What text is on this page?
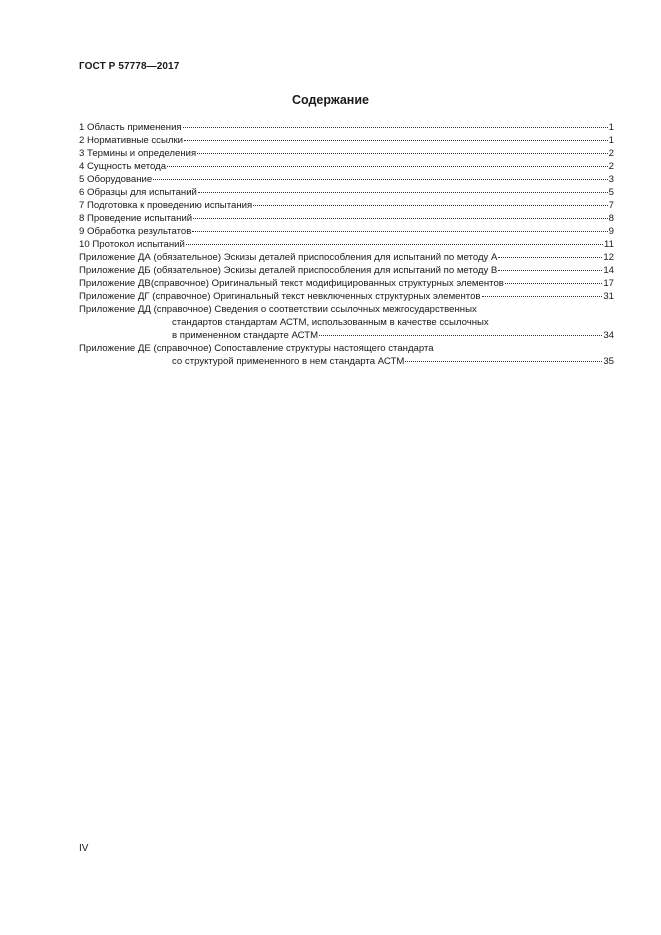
ГОСТ Р 57778—2017
Содержание
1 Область применения	1
2 Нормативные ссылки	1
3 Термины и определения	2
4 Сущность метода	2
5 Оборудование	3
6 Образцы для испытаний	5
7 Подготовка к проведению испытания	7
8 Проведение испытаний	8
9 Обработка результатов	9
10 Протокол испытаний	11
Приложение ДА (обязательное) Эскизы деталей приспособления для испытаний по методу А	12
Приложение ДБ (обязательное) Эскизы деталей приспособления для испытаний по методу В	14
Приложение ДВ(справочное) Оригинальный текст модифицированных структурных элементов	17
Приложение ДГ (справочное) Оригинальный текст невключенных структурных элементов	31
Приложение ДД (справочное) Сведения о соответствии ссылочных межгосударственных
стандартов стандартам АСТМ, использованным в качестве ссылочных
в примененном стандарте АСТМ	34
Приложение ДЕ (справочное) Сопоставление структуры настоящего стандарта
со структурой примененного в нем стандарта АСТМ	35
IV
